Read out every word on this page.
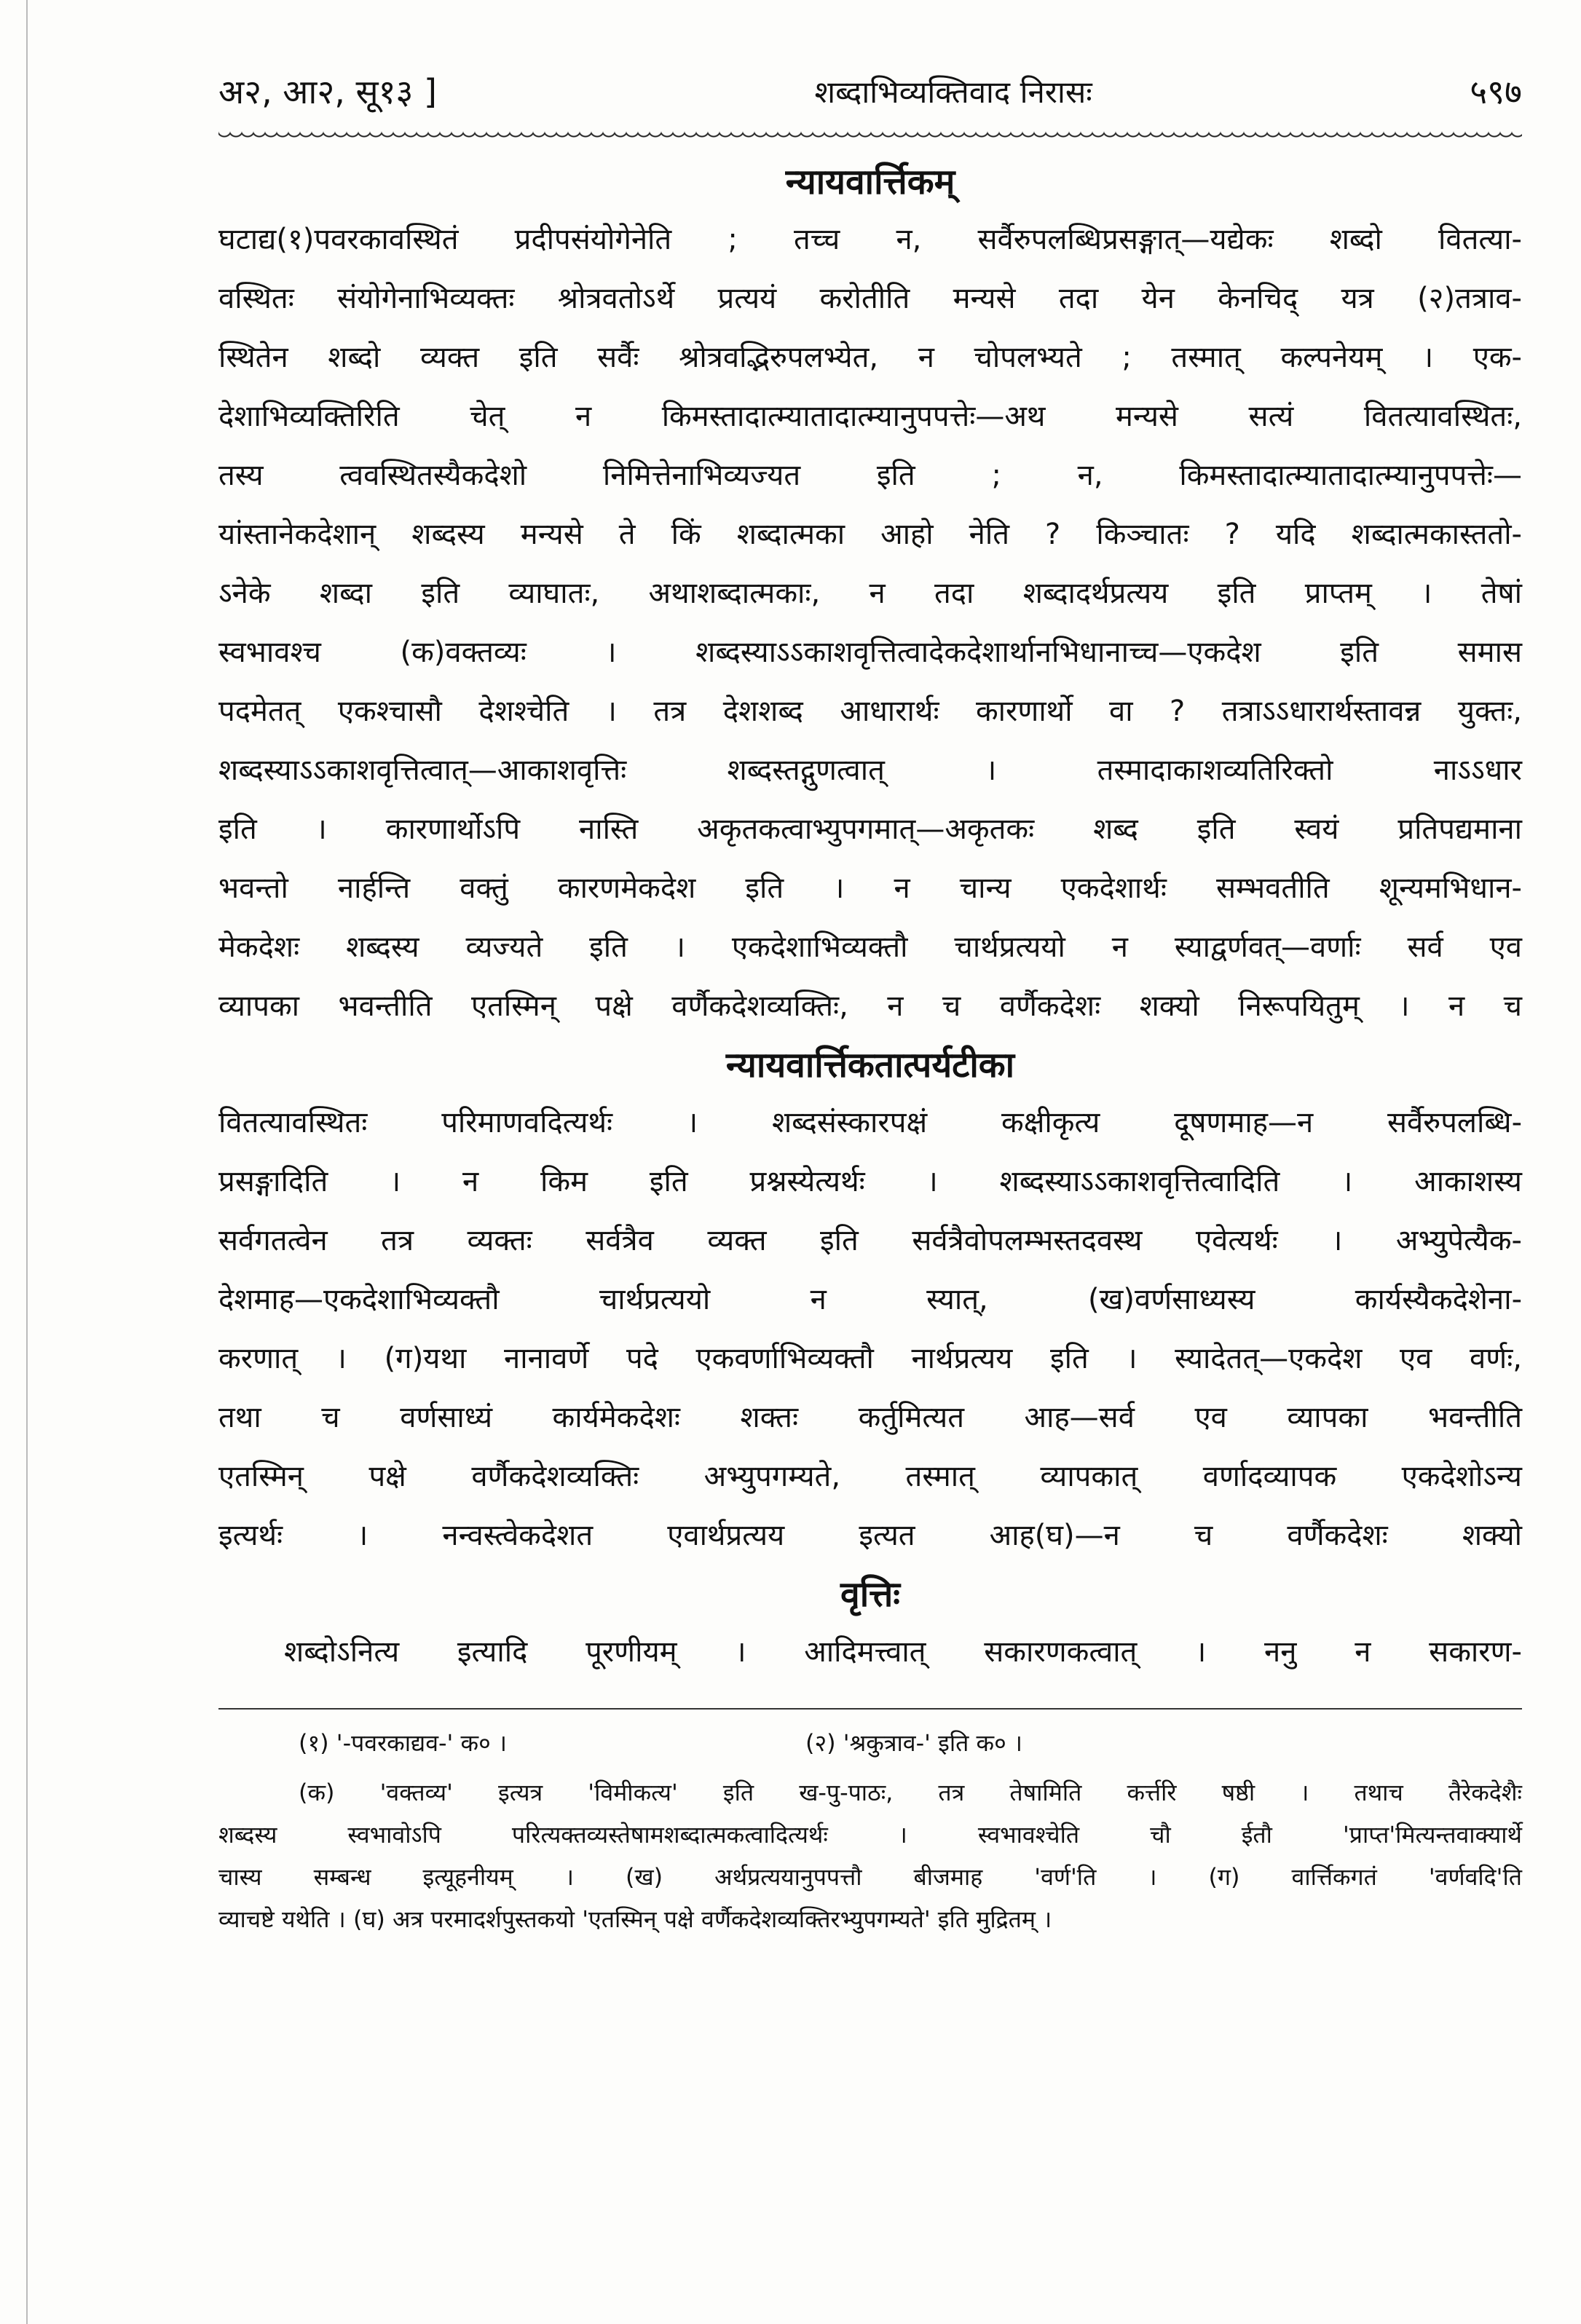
अ२, आ२, सू१३ ]	शब्दाभिव्यक्तिवाद निरासः	५९७
न्यायवार्त्तिकम्
घटाद्य(१)पवरकावस्थितं प्रदीपसंयोगेनेति ; तच्च न, सर्वैरुपलब्धिप्रसङ्गात्—यद्येकः शब्दो वितत्या-
वस्थितः संयोगेनाभिव्यक्तः श्रोत्रवतोऽर्थे प्रत्ययं करोतीति मन्यसे तदा येन केनचिद् यत्र (२)तत्राव-
स्थितेन शब्दो व्यक्त इति सर्वैः श्रोत्रवद्भिरुपलभ्येत, न चोपलभ्यते ; तस्मात् कल्पनेयम् । एक-
देशाभिव्यक्तिरिति चेत् न किमस्तादात्म्यातादात्म्यानुपपत्तेः—अथ मन्यसे सत्यं वितत्यावस्थितः,
तस्य त्ववस्थितस्यैकदेशो निमित्तेनाभिव्यज्यत इति ; न, किमस्तादात्म्यातादात्म्यानुपपत्तेः—
यांस्तानेकदेशान् शब्दस्य मन्यसे ते किं शब्दात्मका आहो नेति ? किञ्चातः ? यदि शब्दात्मकास्ततो-
ऽनेके शब्दा इति व्याघातः, अथाशब्दात्मकाः, न तदा शब्दादर्थप्रत्यय इति प्राप्तम् । तेषां
स्वभावश्च (क)वक्तव्यः । शब्दस्याऽऽकाशवृत्तित्वादेकदेशार्थानभिधानाच्च—एकदेश इति समास
पदमेतत् एकश्चासौ देशश्चेति । तत्र देशशब्द आधारार्थः कारणार्थो वा ? तत्राऽऽधारार्थस्तावन्न युक्तः,
शब्दस्याऽऽकाशवृत्तित्वात्—आकाशवृत्तिः शब्दस्तद्गुणत्वात् । तस्मादाकाशव्यतिरिक्तो नाऽऽधार
इति । कारणार्थोऽपि नास्ति अकृतकत्वाभ्युपगमात्—अकृतकः शब्द इति स्वयं प्रतिपद्यमाना
भवन्तो नार्हन्ति वक्तुं कारणमेकदेश इति । न चान्य एकदेशार्थः सम्भवतीति शून्यमभिधान-
मेकदेशः शब्दस्य व्यज्यते इति । एकदेशाभिव्यक्तौ चार्थप्रत्ययो न स्याद्वर्णवत्—वर्णाः सर्व एव
व्यापका भवन्तीति एतस्मिन् पक्षे वर्णैकदेशव्यक्तिः, न च वर्णैकदेशः शक्यो निरूपयितुम् । न च
न्यायवार्त्तिकतात्पर्यटीका
वितत्यावस्थितः परिमाणवदित्यर्थः । शब्दसंस्कारपक्षं कक्षीकृत्य दूषणमाह—न सर्वैरुपलब्धि-
प्रसङ्गादिति । न किम इति प्रश्नस्येत्यर्थः । शब्दस्याऽऽकाशवृत्तित्वादिति । आकाशस्य
सर्वगतत्वेन तत्र व्यक्तः सर्वत्रैव व्यक्त इति सर्वत्रैवोपलम्भस्तदवस्थ एवेत्यर्थः । अभ्युपेत्यैक-
देशमाह—एकदेशाभिव्यक्तौ चार्थप्रत्ययो न स्यात्, (ख)वर्णसाध्यस्य कार्यस्यैकदेशेना-
करणात् । (ग)यथा नानावर्णे पदे एकवर्णाभिव्यक्तौ नार्थप्रत्यय इति । स्यादेतत्—एकदेश एव वर्णः,
तथा च वर्णसाध्यं कार्यमेकदेशः शक्तः कर्तुमित्यत आह—सर्व एव व्यापका भवन्तीति
एतस्मिन् पक्षे वर्णैकदेशव्यक्तिः अभ्युपगम्यते, तस्मात् व्यापकात् वर्णादव्यापक एकदेशोऽन्य
इत्यर्थः । नन्वस्त्वेकदेशत एवार्थप्रत्यय इत्यत आह(घ)—न च वर्णैकदेशः शक्यो
वृत्तिः
शब्दोऽनित्य इत्यादि पूरणीयम् । आदिमत्त्वात् सकारणकत्वात् । ननु न सकारण-
(१) '-पवरकाद्यव-' क० ।	(२) 'श्रकुत्राव-' इति क० ।
(क) 'वक्तव्य' इत्यत्र 'विमीकत्य' इति ख-पु-पाठः, तत्र तेषामिति कर्त्तरि षष्ठी । तथाच तैरेकदेशैः
शब्दस्य स्वभावोऽपि परित्यक्तव्यस्तेषामशब्दात्मकत्वादित्यर्थः । स्वभावश्चेति चौ ईतौ 'प्राप्त'मित्यन्तवाक्यार्थे
चास्य सम्बन्ध इत्यूहनीयम् । (ख) अर्थप्रत्ययानुपपत्तौ बीजमाह 'वर्ण'ति । (ग) वार्त्तिकगतं 'वर्णवदि'ति
व्याचष्टे यथेति । (घ) अत्र परमादर्शपुस्तकयो 'एतस्मिन् पक्षे वर्णैकदेशव्यक्तिरभ्युपगम्यते' इति मुद्रितम् ।
